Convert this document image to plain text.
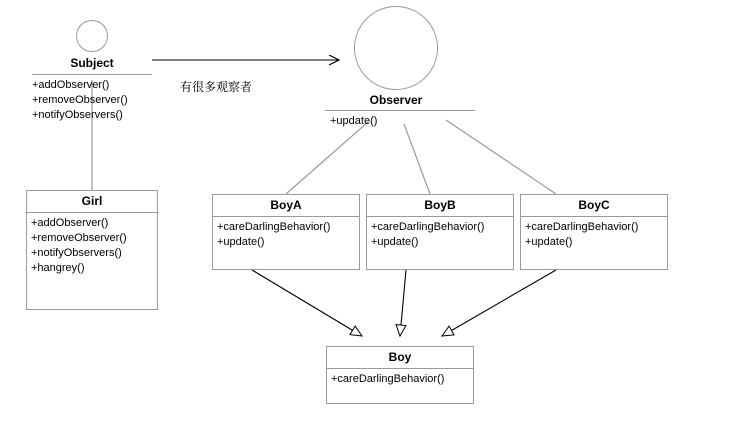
Subject
+addObserver()
+removeObserver()
+notifyObservers()
Observer
+update()
Girl
+addObserver()
+removeObserver()
+notifyObservers()
+hangrey()
BoyA
+careDarlingBehavior()
+update()
BoyB
+careDarlingBehavior()
+update()
BoyC
+careDarlingBehavior()
+update()
Boy
+careDarlingBehavior()
有很多观察者
